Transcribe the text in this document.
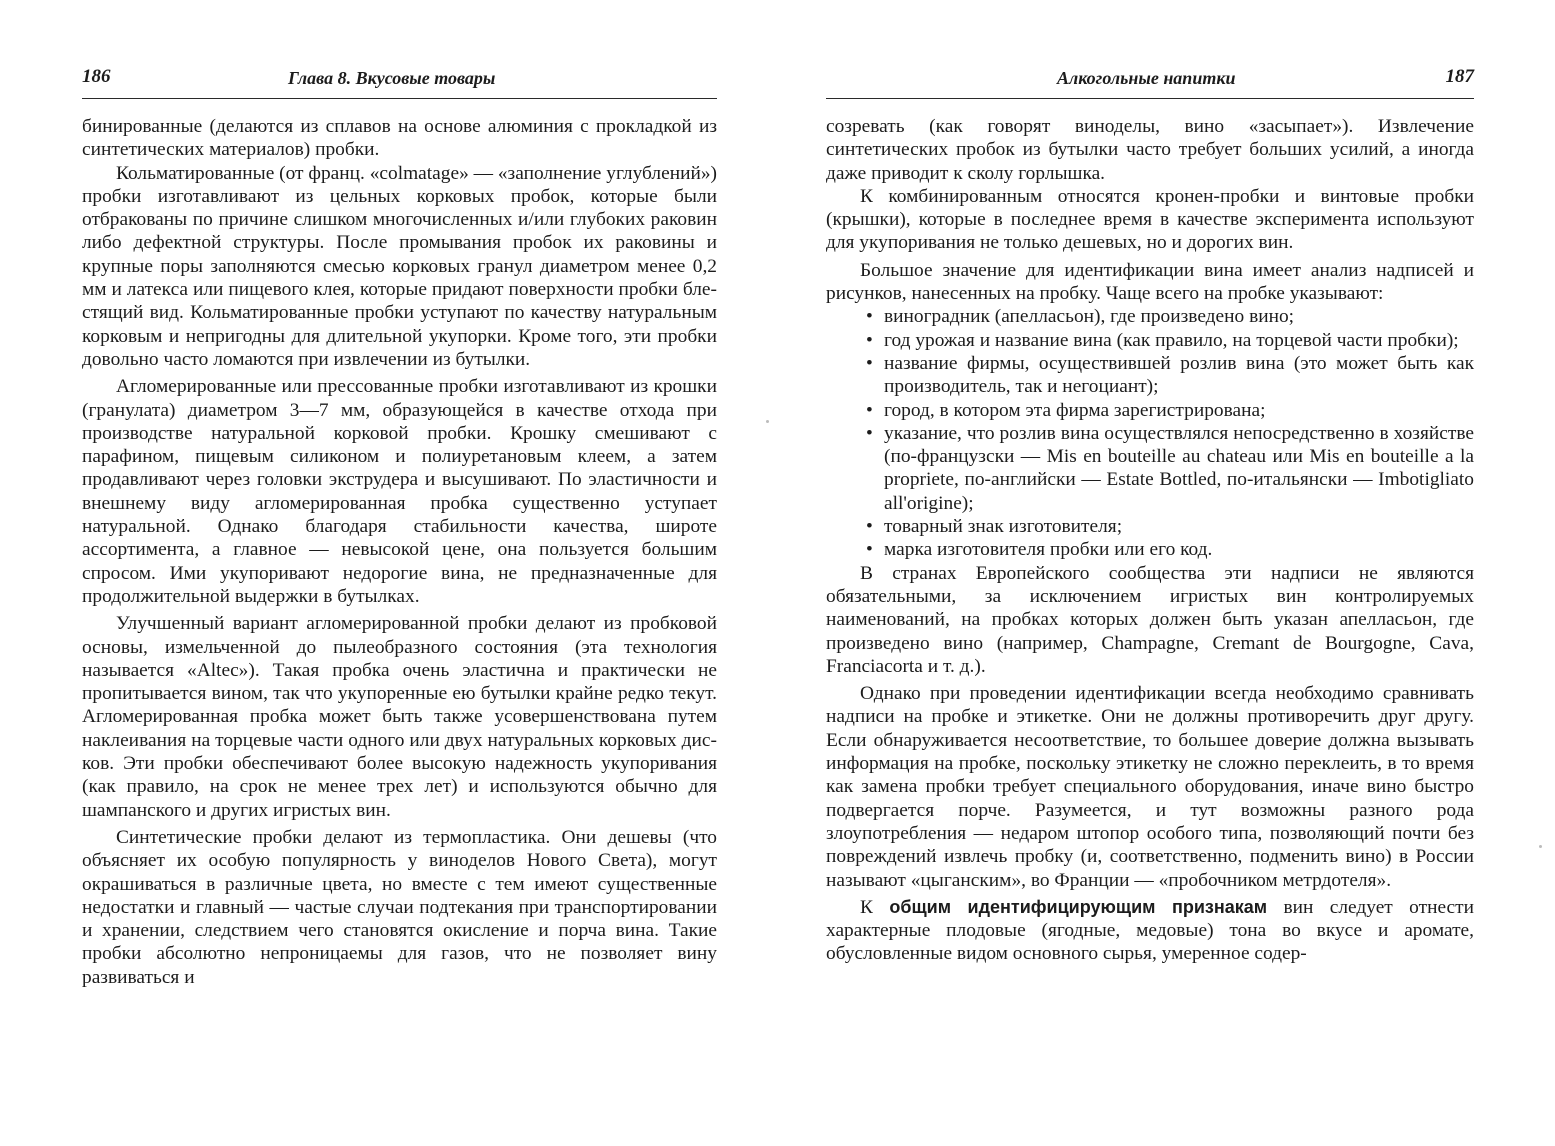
186	Глава 8. Вкусовые товары

бинированные (делаются из сплавов на основе алюминия с прокладкой из синтетических материалов) пробки.

Кольматированные (от франц. «colmatage» — «заполнение углублений») пробки изготавливают из цельных корковых пробок, которые были отбракованы по причине слишком многочисленных и/или глубоких раковин либо дефектной структуры. После промывания пробок их раковины и крупные поры заполняются смесью корковых гранул диаметром менее 0,2 мм и латекса или пищевого клея, которые придают поверхности пробки блестящий вид. Кольматированные пробки уступают по качеству натуральным корковым и непригодны для длительной укупорки. Кроме того, эти пробки довольно часто ломаются при извлечении из бутылки.

Агломерированные или прессованные пробки изготавливают из крошки (гранулата) диаметром 3—7 мм, образующейся в качестве отхода при производстве натуральной корковой пробки. Крошку смешивают с парафином, пищевым силиконом и полиуретановым клеем, а затем продавливают через головки экструдера и высушивают. По эластичности и внешнему виду агломерированная пробка существенно уступает натуральной. Однако благодаря стабильности качества, широте ассортимента, а главное — невысокой цене, она пользуется большим спросом. Ими укупоривают недорогие вина, не предназначенные для продолжительной выдержки в бутылках.

Улучшенный вариант агломерированной пробки делают из пробковой основы, измельченной до пылеобразного состояния (эта технология называется «Altec»). Такая пробка очень эластична и практически не пропитывается вином, так что укупоренные ею бутылки крайне редко текут. Агломерированная пробка может быть также усовершенствована путем наклеивания на торцевые части одного или двух натуральных корковых дисков. Эти пробки обеспечивают более высокую надежность укупоривания (как правило, на срок не менее трех лет) и используются обычно для шампанского и других игристых вин.

Синтетические пробки делают из термопластика. Они дешевы (что объясняет их особую популярность у виноделов Нового Света), могут окрашиваться в различные цвета, но вместе с тем имеют существенные недостатки и главный — частые случаи подтекания при транспортировании и хранении, следствием чего становятся окисление и порча вина. Такие пробки абсолютно непроницаемы для газов, что не позволяет вину развиваться и

Алкогольные напитки	187

созревать (как говорят виноделы, вино «засыпает»). Извлечение синтетических пробок из бутылки часто требует больших усилий, а иногда даже приводит к сколу горлышка.

К комбинированным относятся кронен-пробки и винтовые пробки (крышки), которые в последнее время в качестве эксперимента используют для укупоривания не только дешевых, но и дорогих вин.

Большое значение для идентификации вина имеет анализ надписей и рисунков, нанесенных на пробку. Чаще всего на пробке указывают:

• виноградник (апелласьон), где произведено вино;
• год урожая и название вина (как правило, на торцевой части пробки);
• название фирмы, осуществившей розлив вина (это может быть как производитель, так и негоциант);
• город, в котором эта фирма зарегистрирована;
• указание, что розлив вина осуществлялся непосредственно в хозяйстве (по-французски — Mis en bouteille au chateau или Mis en bouteille a la propriete, по-английски — Estate Bottled, по-итальянски — Imbotigliato all'origine);
• товарный знак изготовителя;
• марка изготовителя пробки или его код.

В странах Европейского сообщества эти надписи не являются обязательными, за исключением игристых вин контролируемых наименований, на пробках которых должен быть указан апелласьон, где произведено вино (например, Champagne, Cremant de Bourgogne, Cava, Franciacorta и т. д.).

Однако при проведении идентификации всегда необходимо сравнивать надписи на пробке и этикетке. Они не должны противоречить друг другу. Если обнаруживается несоответствие, то большее доверие должна вызывать информация на пробке, поскольку этикетку не сложно переклеить, в то время как замена пробки требует специального оборудования, иначе вино быстро подвергается порче. Разумеется, и тут возможны разного рода злоупотребления — недаром штопор особого типа, позволяющий почти без повреждений извлечь пробку (и, соответственно, подменить вино) в России называют «цыганским», во Франции — «пробочником метрдотеля».

К общим идентифицирующим признакам вин следует отнести характерные плодовые (ягодные, медовые) тона во вкусе и аромате, обусловленные видом основного сырья, умеренное содер-
